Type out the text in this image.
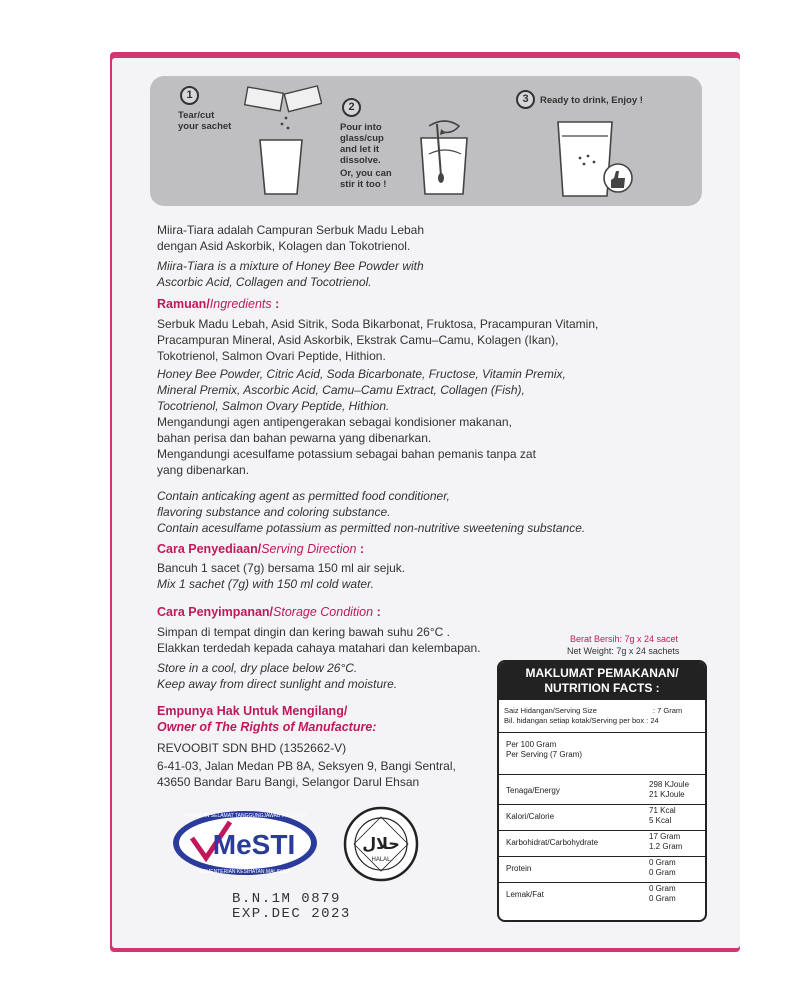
1
Tear/cut
your sachet
2
Pour into
glass/cup
and let it
dissolve.
Or, you can
stir it too !
3	Ready to drink, Enjoy !
Miira-Tiara adalah Campuran Serbuk Madu Lebah
dengan Asid Askorbik, Kolagen dan Tokotrienol.
Miira-Tiara is a mixture of Honey Bee Powder with
Ascorbic Acid, Collagen and Tocotrienol.
Ramuan/Ingredients :
Serbuk Madu Lebah, Asid Sitrik, Soda Bikarbonat, Fruktosa, Pracampuran Vitamin,
Pracampuran Mineral, Asid Askorbik, Ekstrak Camu–Camu, Kolagen (Ikan),
Tokotrienol, Salmon Ovari Peptide, Hithion.
Honey Bee Powder, Citric Acid, Soda Bicarbonate, Fructose, Vitamin Premix,
Mineral Premix, Ascorbic Acid, Camu–Camu Extract, Collagen (Fish),
Tocotrienol, Salmon Ovary Peptide, Hithion.
Mengandungi agen antipengerakan sebagai kondisioner makanan,
bahan perisa dan bahan pewarna yang dibenarkan.
Mengandungi acesulfame potassium sebagai bahan pemanis tanpa zat
yang dibenarkan.
Contain anticaking agent as permitted food conditioner,
flavoring substance and coloring substance.
Contain acesulfame potassium as permitted non-nutritive sweetening substance.
Cara Penyediaan/Serving Direction :
Bancuh 1 sacet (7g) bersama 150 ml air sejuk.
Mix 1 sachet (7g) with 150 ml cold water.
Cara Penyimpanan/Storage Condition :
Simpan di tempat dingin dan kering bawah suhu 26°C .
Elakkan terdedah kepada cahaya matahari dan kelembapan.
Store in a cool, dry place below 26°C.
Keep away from direct sunlight and moisture.
Empunya Hak Untuk Mengilang/
Owner of The Rights of Manufacture:
REVOOBIT SDN BHD (1352662-V)
6-41-03, Jalan Medan PB 8A, Seksyen 9, Bangi Sentral,
43650 Bandar Baru Bangi, Selangor Darul Ehsan
Berat Bersih: 7g x 24 sacet
Net Weight: 7g x 24 sachets
MAKLUMAT PEMAKANAN/
NUTRITION FACTS :
Saiz Hidangan/Serving Size	: 7 Gram
Bil. hidangan setiap kotak/Serving per box : 24
Per 100 Gram
Per Serving (7 Gram)
Tenaga/Energy
298 KJoule
21 KJoule
Kalori/Calorie
71 Kcal
5 Kcal
Karbohidrat/Carbohydrate
17 Gram
1.2 Gram
Protein
0 Gram
0 Gram
Lemak/Fat
0 Gram
0 Gram
MeSTI
MAKANAN SELAMAT TANGGUNGJAWAB INDUSTRI
KEMENTERIAN KESIHATAN MALAYSIA
حلال
HALAL
B.N.1M 0879
EXP.DEC 2023
